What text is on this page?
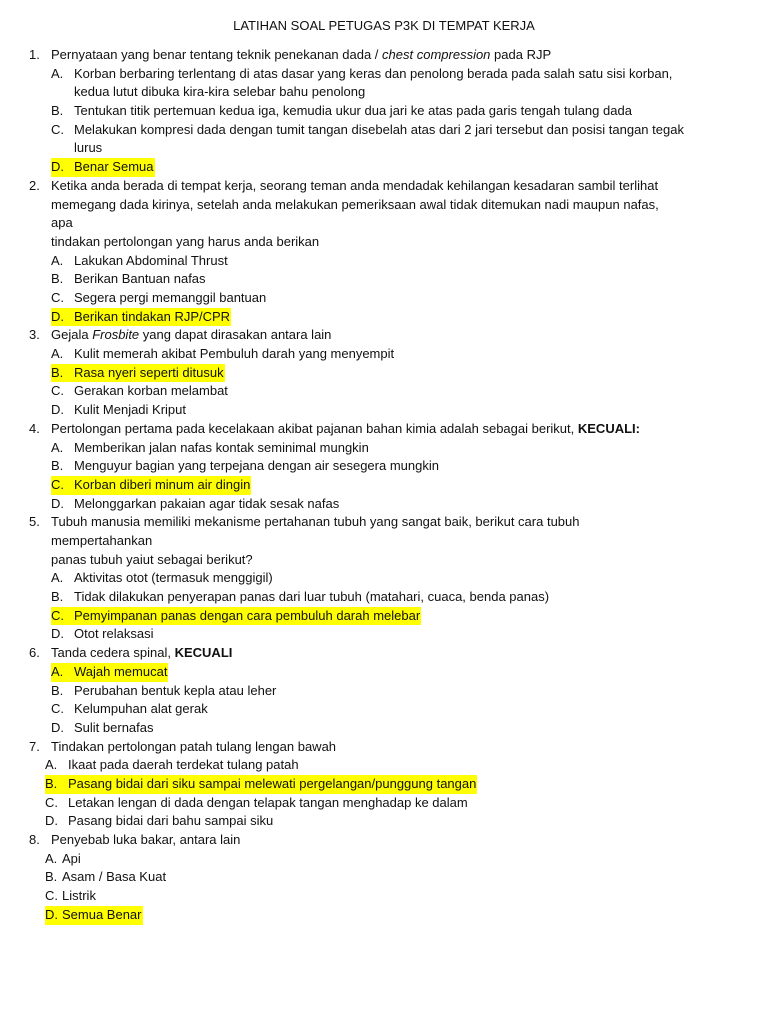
LATIHAN SOAL PETUGAS P3K DI TEMPAT KERJA
1. Pernyataan yang benar tentang teknik penekanan dada / chest compression pada RJP
A. Korban berbaring terlentang di atas dasar yang keras dan penolong berada pada salah satu sisi korban,
kedua lutut dibuka kira-kira selebar bahu penolong
B. Tentukan titik pertemuan kedua iga, kemudia ukur dua jari ke atas pada garis tengah tulang dada
C. Melakukan kompresi dada dengan tumit tangan disebelah atas dari 2 jari tersebut dan posisi tangan tegak
lurus
D. Benar Semua
2. Ketika anda berada di tempat kerja, seorang teman anda mendadak kehilangan kesadaran sambil terlihat
memegang dada kirinya, setelah anda melakukan pemeriksaan awal tidak ditemukan nadi maupun nafas, apa
tindakan pertolongan yang harus anda berikan
A. Lakukan Abdominal Thrust
B. Berikan Bantuan nafas
C. Segera pergi memanggil bantuan
D. Berikan tindakan RJP/CPR
3. Gejala Frosbite yang dapat dirasakan antara lain
A. Kulit memerah akibat Pembuluh darah yang menyempit
B. Rasa nyeri seperti ditusuk
C. Gerakan korban melambat
D. Kulit Menjadi Kriput
4. Pertolongan pertama pada kecelakaan akibat pajanan bahan kimia adalah sebagai berikut, KECUALI:
A. Memberikan jalan nafas kontak seminimal mungkin
B. Menguyur bagian yang terpejana dengan air sesegera mungkin
C. Korban diberi minum air dingin
D. Melonggarkan pakaian agar tidak sesak nafas
5. Tubuh manusia memiliki mekanisme pertahanan tubuh yang sangat baik, berikut cara tubuh mempertahankan
panas tubuh yaiut sebagai berikut?
A. Aktivitas otot (termasuk menggigil)
B. Tidak dilakukan penyerapan panas dari luar tubuh (matahari, cuaca, benda panas)
C. Pemyimpanan panas dengan cara pembuluh darah melebar
D. Otot relaksasi
6. Tanda cedera spinal, KECUALI
A. Wajah memucat
B. Perubahan bentuk kepla atau leher
C. Kelumpuhan alat gerak
D. Sulit bernafas
7. Tindakan pertolongan patah tulang lengan bawah
A. Ikaat pada daerah terdekat tulang patah
B. Pasang bidai dari siku sampai melewati pergelangan/punggung tangan
C. Letakan lengan di dada dengan telapak tangan menghadap ke dalam
D. Pasang bidai dari bahu sampai siku
8. Penyebab luka bakar, antara lain
A. Api
B. Asam / Basa Kuat
C. Listrik
D. Semua Benar
